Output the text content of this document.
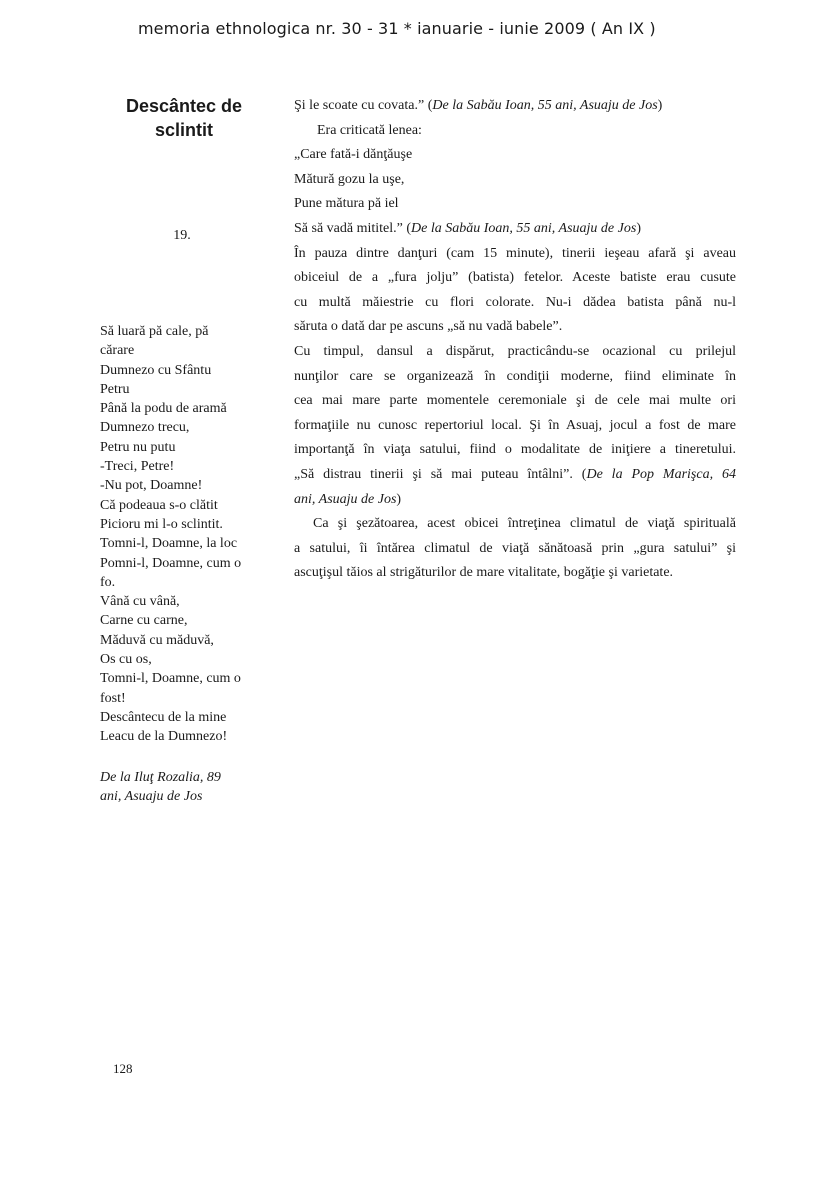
memoria ethnologica nr. 30 - 31 * ianuarie - iunie 2009 ( An IX )
Descântec de
sclintit
19.
Să luară pă cale, pă
cărare
Dumnezo cu Sfântu
Petru
Până la podu de aramă
Dumnezo trecu,
Petru nu putu
-Treci, Petre!
-Nu pot, Doamne!
Că podeaua s-o clătit
Picioru mi l-o sclintit.
Tomni-l, Doamne, la loc
Pomni-l, Doamne, cum o
fo.
Vână cu vână,
Carne cu carne,
Măduvă cu măduvă,
Os cu os,
Tomni-l, Doamne, cum o
fost!
Descântecu de la mine
Leacu de la Dumnezo!
De la Iluţ Rozalia, 89
ani, Asuaju de Jos
Şi le scoate cu covata.” (De la Sabău Ioan, 55 ani, Asuaju de Jos)
Era criticată lenea:
„Care fată-i dănţăuşe
Mătură gozu la uşe,
Pune mătura pă iel
Să să vadă mititel.” (De la Sabău Ioan, 55 ani, Asuaju de Jos)
În pauza dintre danţuri (cam 15 minute), tinerii ieşeau afară şi aveau
obiceiul de a „fura jolju” (batista) fetelor. Aceste batiste erau cusute
cu multă măiestrie cu flori colorate. Nu-i dădea batista până nu-l
săruta o dată dar pe ascuns „să nu vadă babele”.
Cu timpul, dansul a dispărut, practicându-se ocazional cu prilejul
nunţilor care se organizează în condiţii moderne, fiind eliminate în
cea mai mare parte momentele ceremoniale şi de cele mai multe ori
formaţiile nu cunosc repertoriul local. Şi în Asuaj, jocul a fost de mare
importanţă în viaţa satului, fiind o modalitate de iniţiere a tineretului.
„Să distrau tinerii şi să mai puteau întâlni”. (De la Pop Marişca, 64
ani, Asuaju de Jos)
Ca şi şezătoarea, acest obicei întreţinea climatul de viaţă spirituală
a satului, îi întărea climatul de viaţă sănătoasă prin „gura satului” şi
ascuţişul tăios al strigăturilor de mare vitalitate, bogăţie şi varietate.
128
